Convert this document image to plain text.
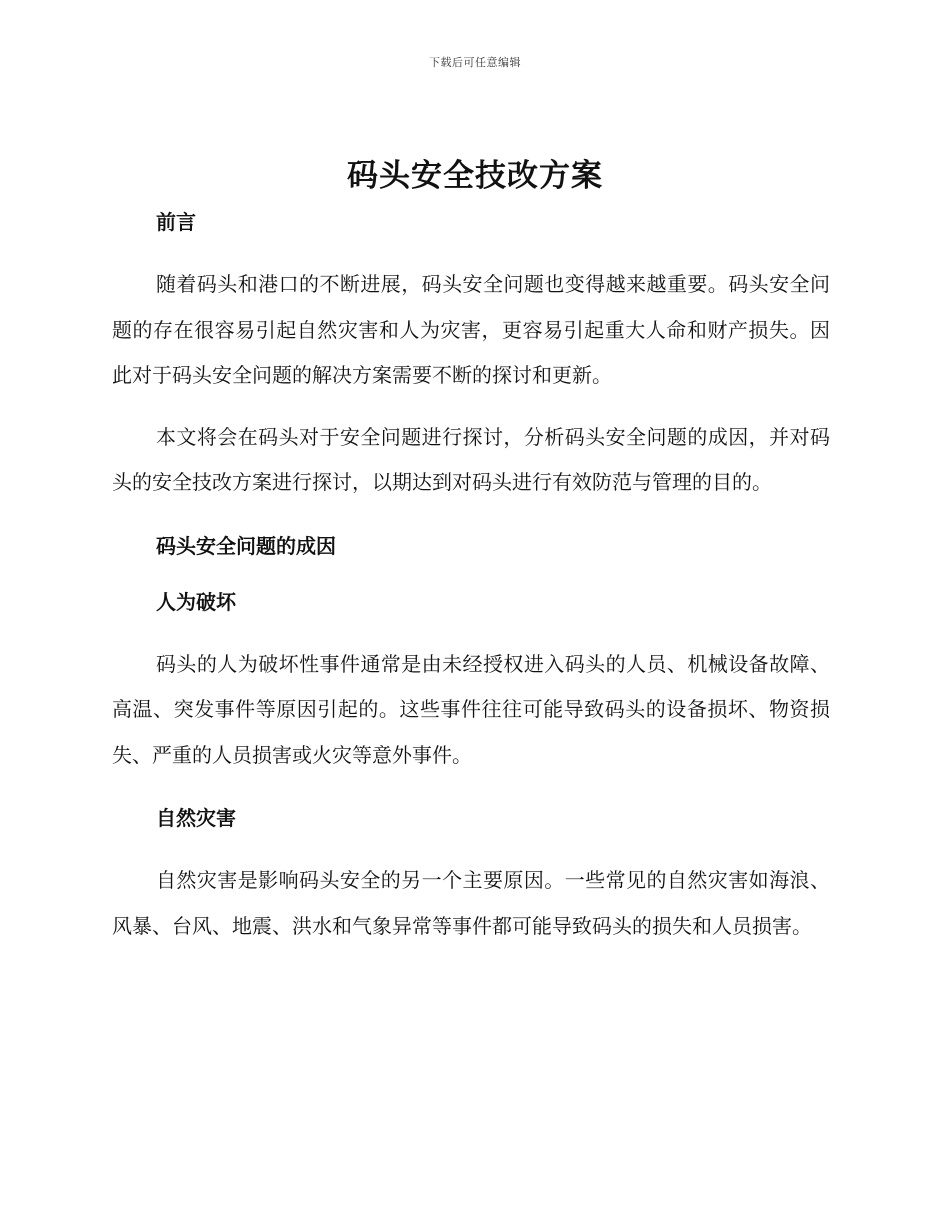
下载后可任意编辑
码头安全技改方案
前言

随着码头和港口的不断进展，码头安全问题也变得越来越重要。码头安全问题的存在很容易引起自然灾害和人为灾害，更容易引起重大人命和财产损失。因此对于码头安全问题的解决方案需要不断的探讨和更新。

本文将会在码头对于安全问题进行探讨，分析码头安全问题的成因，并对码头的安全技改方案进行探讨，以期达到对码头进行有效防范与管理的目的。

码头安全问题的成因
人为破坏

码头的人为破坏性事件通常是由未经授权进入码头的人员、机械设备故障、高温、突发事件等原因引起的。这些事件往往可能导致码头的设备损坏、物资损失、严重的人员损害或火灾等意外事件。

自然灾害

自然灾害是影响码头安全的另一个主要原因。一些常见的自然灾害如海浪、风暴、台风、地震、洪水和气象异常等事件都可能导致码头的损失和人员损害。
